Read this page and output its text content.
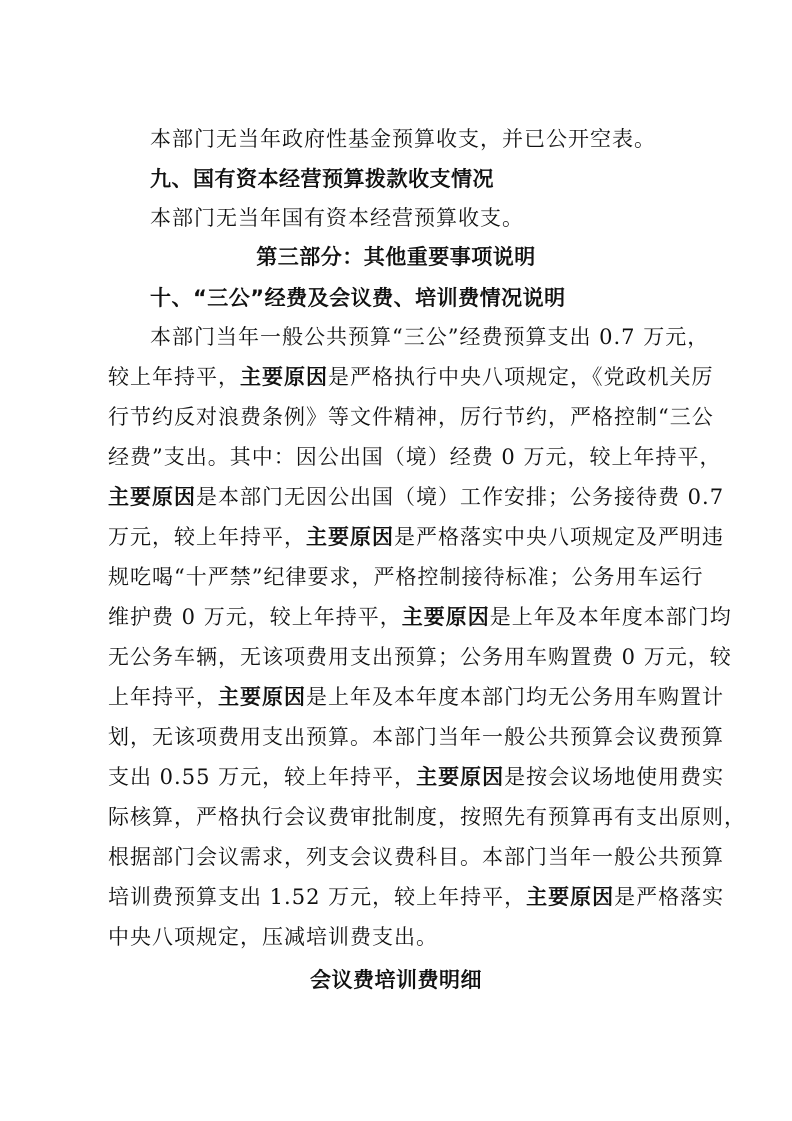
本部门无当年政府性基金预算收支，并已公开空表。
九、国有资本经营预算拨款收支情况
本部门无当年国有资本经营预算收支。
第三部分：其他重要事项说明
十、“三公”经费及会议费、培训费情况说明
本部门当年一般公共预算“三公”经费预算支出 0.7 万元，
较上年持平，主要原因是严格执行中央八项规定，《党政机关厉
行节约反对浪费条例》等文件精神，厉行节约，严格控制“三公
经费”支出。其中：因公出国（境）经费 0 万元，较上年持平，
主要原因是本部门无因公出国（境）工作安排；公务接待费 0.7
万元，较上年持平，主要原因是严格落实中央八项规定及严明违
规吃喝“十严禁”纪律要求，严格控制接待标准；公务用车运行
维护费 0 万元，较上年持平，主要原因是上年及本年度本部门均
无公务车辆，无该项费用支出预算；公务用车购置费 0 万元，较
上年持平，主要原因是上年及本年度本部门均无公务用车购置计
划，无该项费用支出预算。本部门当年一般公共预算会议费预算
支出 0.55 万元，较上年持平，主要原因是按会议场地使用费实
际核算，严格执行会议费审批制度，按照先有预算再有支出原则，
根据部门会议需求，列支会议费科目。本部门当年一般公共预算
培训费预算支出 1.52 万元，较上年持平，主要原因是严格落实
中央八项规定，压减培训费支出。
会议费培训费明细
